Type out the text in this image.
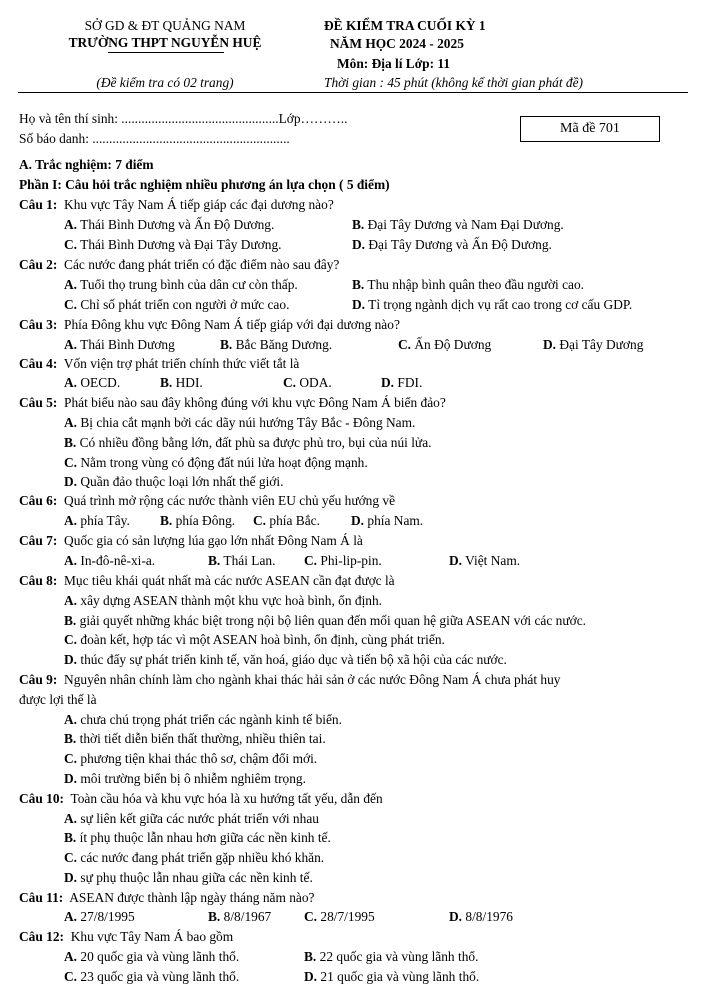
SỞ GD & ĐT QUẢNG NAM
TRƯỜNG THPT NGUYỄN HUỆ
(Đề kiểm tra có 02 trang)
ĐỀ KIỂM TRA CUỐI KỲ 1
NĂM HỌC 2024 - 2025
Môn: Địa lí Lớp: 11
Thời gian : 45 phút (không kể thời gian phát đề)
Họ và tên thí sinh: ...............................................Lớp………..
Số báo danh: ...........................................................
Mã đề 701
A. Trắc nghiệm: 7 điểm
Phần I: Câu hỏi trắc nghiệm nhiều phương án lựa chọn ( 5 điểm)
Câu 1:  Khu vực Tây Nam Á tiếp giáp các đại dương nào?
A. Thái Bình Dương và Ấn Độ Dương.	B. Đại Tây Dương và Nam Đại Dương.
C. Thái Bình Dương và Đại Tây Dương.	D. Đại Tây Dương và Ấn Độ Dương.
Câu 2:  Các nước đang phát triển có đặc điểm nào sau đây?
A. Tuổi thọ trung bình của dân cư còn thấp.	B. Thu nhập bình quân theo đầu người cao.
C. Chỉ số phát triển con người ở mức cao.	D. Tỉ trọng ngành dịch vụ rất cao trong cơ cấu GDP.
Câu 3:  Phía Đông khu vực Đông Nam Á tiếp giáp với đại dương nào?
A. Thái Bình Dương	B. Bắc Băng Dương.	C. Ấn Độ Dương	D. Đại Tây Dương
Câu 4:  Vốn viện trợ phát triển chính thức viết tắt là
A. OECD.	B. HDI.	C. ODA.	D. FDI.
Câu 5:  Phát biểu nào sau đây không đúng với khu vực Đông Nam Á biển đảo?
A. Bị chia cắt mạnh bởi các dãy núi hướng Tây Bắc - Đông Nam.
B. Có nhiều đồng bằng lớn, đất phù sa được phủ tro, bụi của núi lửa.
C. Nằm trong vùng có động đất núi lửa hoạt động mạnh.
D. Quần đảo thuộc loại lớn nhất thế giới.
Câu 6:  Quá trình mở rộng các nước thành viên EU chủ yếu hướng về
A. phía Tây. B. phía Đông. C. phía Bắc. D. phía Nam.
Câu 7:  Quốc gia có sản lượng lúa gạo lớn nhất Đông Nam Á là
A. In-đô-nê-xi-a.	B. Thái Lan. C. Phi-lip-pin.	D. Việt Nam.
Câu 8:  Mục tiêu khái quát nhất mà các nước ASEAN cần đạt được là
A. xây dựng ASEAN thành một khu vực hoà bình, ổn định.
B. giải quyết những khác biệt trong nội bộ liên quan đến mối quan hệ giữa ASEAN với các nước.
C. đoàn kết, hợp tác vì một ASEAN hoà bình, ổn định, cùng phát triển.
D. thúc đẩy sự phát triển kinh tế, văn hoá, giáo dục và tiến bộ xã hội của các nước.
Câu 9:  Nguyên nhân chính làm cho ngành khai thác hải sản ở các nước Đông Nam Á chưa phát huy
được lợi thế là
A. chưa chú trọng phát triển các ngành kinh tế biển.
B. thời tiết diễn biến thất thường, nhiều thiên tai.
C. phương tiện khai thác thô sơ, chậm đổi mới.
D. môi trường biển bị ô nhiễm nghiêm trọng.
Câu 10:  Toàn cầu hóa và khu vực hóa là xu hướng tất yếu, dẫn đến
A. sự liên kết giữa các nước phát triển với nhau
B. ít phụ thuộc lẫn nhau hơn giữa các nền kinh tế.
C. các nước đang phát triển gặp nhiều khó khăn.
D. sự phụ thuộc lẫn nhau giữa các nền kinh tế.
Câu 11:  ASEAN được thành lập ngày tháng năm nào?
A. 27/8/1995	B. 8/8/1967 C. 28/7/1995	D. 8/8/1976
Câu 12:  Khu vực Tây Nam Á bao gồm
A. 20 quốc gia và vùng lãnh thổ.	B. 22 quốc gia và vùng lãnh thổ.
C. 23 quốc gia và vùng lãnh thổ.	D. 21 quốc gia và vùng lãnh thổ.
